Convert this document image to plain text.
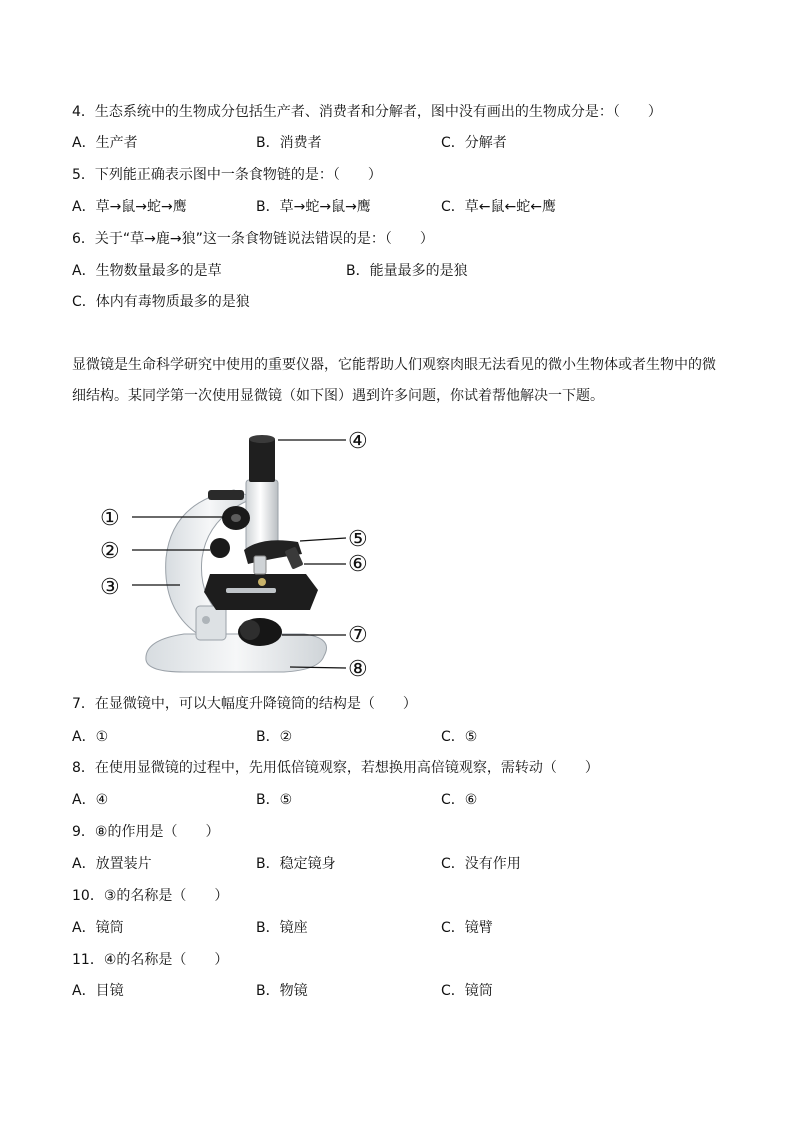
4．生态系统中的生物成分包括生产者、消费者和分解者，图中没有画出的生物成分是：（　　）
A．生产者	B．消费者	C．分解者
5．下列能正确表示图中一条食物链的是：（　　）
A．草→鼠→蛇→鹰	B．草→蛇→鼠→鹰	C．草←鼠←蛇←鹰
6．关于“草→鹿→狼”这一条食物链说法错误的是：（　　）
A．生物数量最多的是草	B．能量最多的是狼
C．体内有毒物质最多的是狼
显微镜是生命科学研究中使用的重要仪器，它能帮助人们观察肉眼无法看见的微小生物体或者生物中的微细结构。某同学第一次使用显微镜（如下图）遇到许多问题，你试着帮他解决一下题。
①
②
③
④
⑤
⑥
⑦
⑧
7．在显微镜中，可以大幅度升降镜筒的结构是（　　）
A．①	B．②	C．⑤
8．在使用显微镜的过程中，先用低倍镜观察，若想换用高倍镜观察，需转动（　　）
A．④	B．⑤	C．⑥
9．⑧的作用是（　　）
A．放置装片	B．稳定镜身	C．没有作用
10．③的名称是（　　）
A．镜筒	B．镜座	C．镜臂
11．④的名称是（　　）
A．目镜	B．物镜	C．镜筒
